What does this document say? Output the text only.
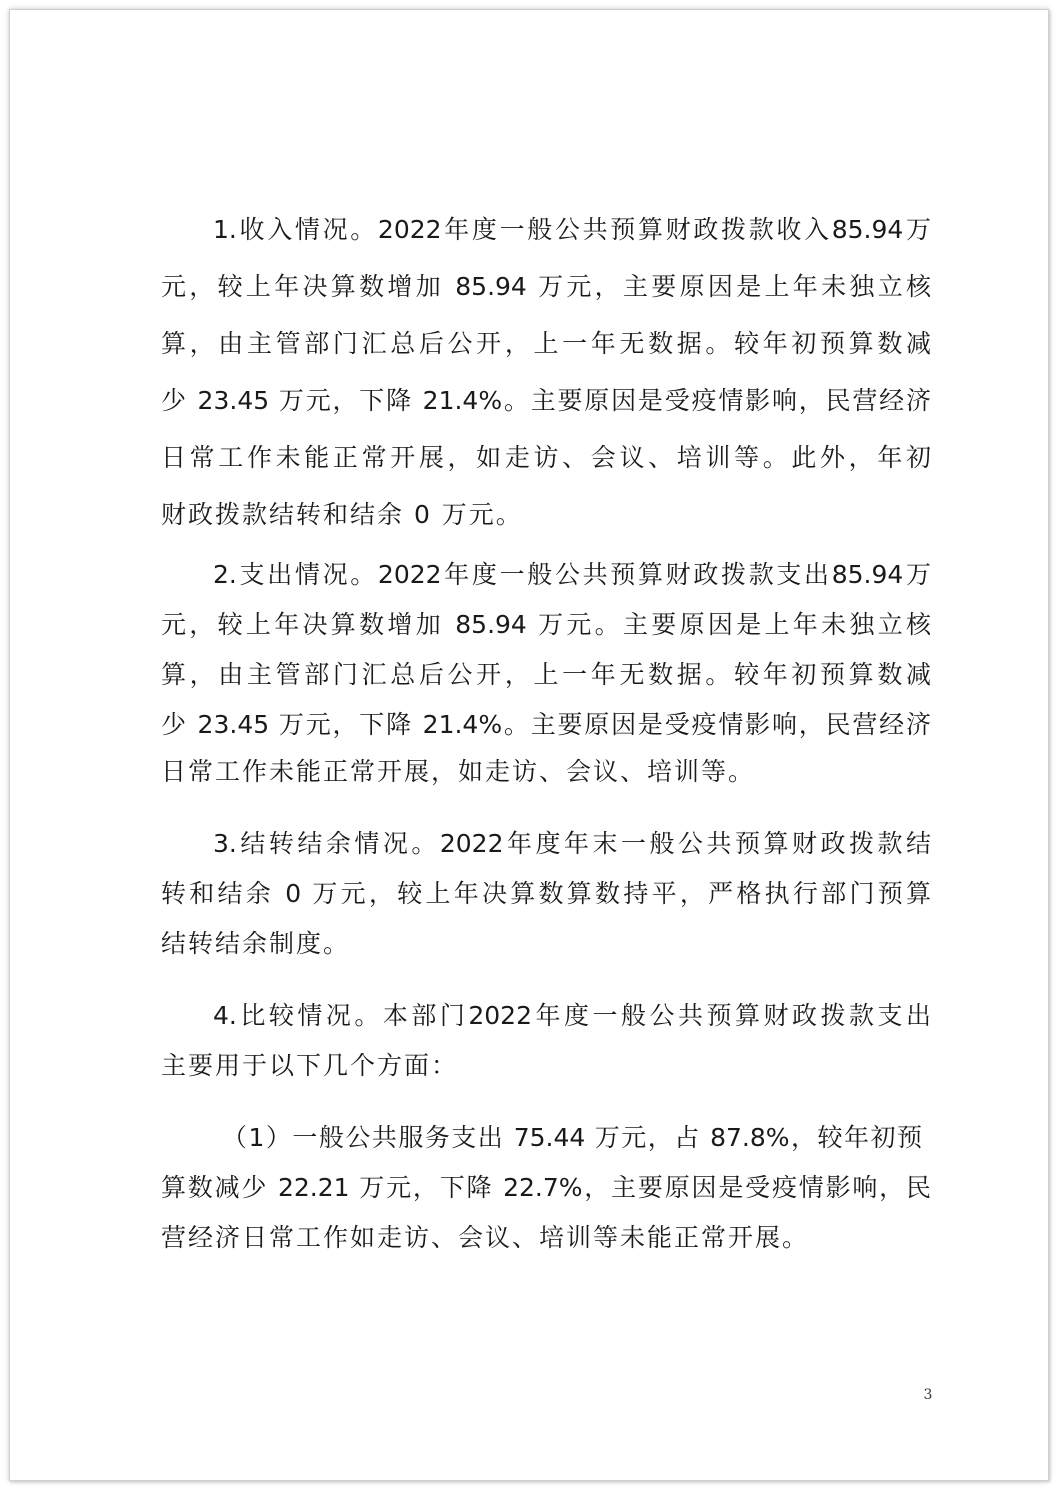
1.收入情况。2022年度一般公共预算财政拨款收入85.94万
元，较上年决算数增加 85.94 万元，主要原因是上年未独立核
算，由主管部门汇总后公开，上一年无数据。较年初预算数减
少 23.45 万元，下降 21.4%。主要原因是受疫情影响，民营经济
日常工作未能正常开展，如走访、会议、培训等。此外，年初
财政拨款结转和结余 0 万元。
2.支出情况。2022年度一般公共预算财政拨款支出85.94万
元，较上年决算数增加 85.94 万元。主要原因是上年未独立核
算，由主管部门汇总后公开，上一年无数据。较年初预算数减
少 23.45 万元，下降 21.4%。主要原因是受疫情影响，民营经济
日常工作未能正常开展，如走访、会议、培训等。
3.结转结余情况。2022年度年末一般公共预算财政拨款结
转和结余 0 万元，较上年决算数算数持平，严格执行部门预算
结转结余制度。
4.比较情况。本部门2022年度一般公共预算财政拨款支出
主要用于以下几个方面：
（1）一般公共服务支出 75.44 万元，占 87.8%，较年初预
算数减少 22.21 万元，下降 22.7%，主要原因是受疫情影响，民
营经济日常工作如走访、会议、培训等未能正常开展。
3
